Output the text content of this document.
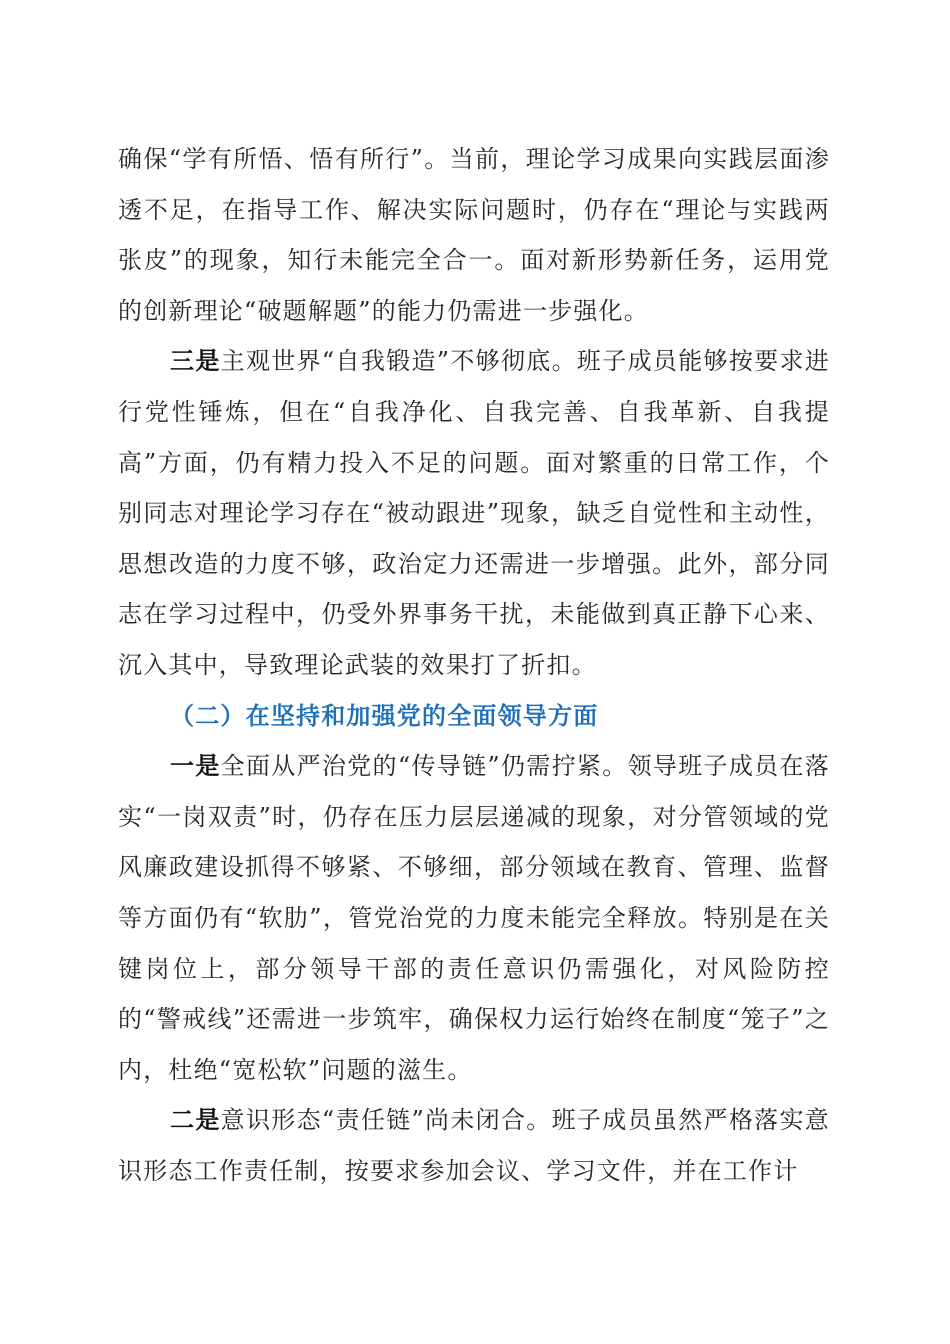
确保“学有所悟、悟有所行”。当前，理论学习成果向实践层面渗透不足，在指导工作、解决实际问题时，仍存在“理论与实践两张皮”的现象，知行未能完全合一。面对新形势新任务，运用党的创新理论“破题解题”的能力仍需进一步强化。

三是主观世界“自我锻造”不够彻底。班子成员能够按要求进行党性锤炼，但在“自我净化、自我完善、自我革新、自我提高”方面，仍有精力投入不足的问题。面对繁重的日常工作，个别同志对理论学习存在“被动跟进”现象，缺乏自觉性和主动性，思想改造的力度不够，政治定力还需进一步增强。此外，部分同志在学习过程中，仍受外界事务干扰，未能做到真正静下心来、沉入其中，导致理论武装的效果打了折扣。

（二）在坚持和加强党的全面领导方面

一是全面从严治党的“传导链”仍需拧紧。领导班子成员在落实“一岗双责”时，仍存在压力层层递减的现象，对分管领域的党风廉政建设抓得不够紧、不够细，部分领域在教育、管理、监督等方面仍有“软肋”，管党治党的力度未能完全释放。特别是在关键岗位上，部分领导干部的责任意识仍需强化，对风险防控的“警戒线”还需进一步筑牢，确保权力运行始终在制度“笼子”之内，杜绝“宽松软”问题的滋生。

二是意识形态“责任链”尚未闭合。班子成员虽然严格落实意识形态工作责任制，按要求参加会议、学习文件，并在工作计
